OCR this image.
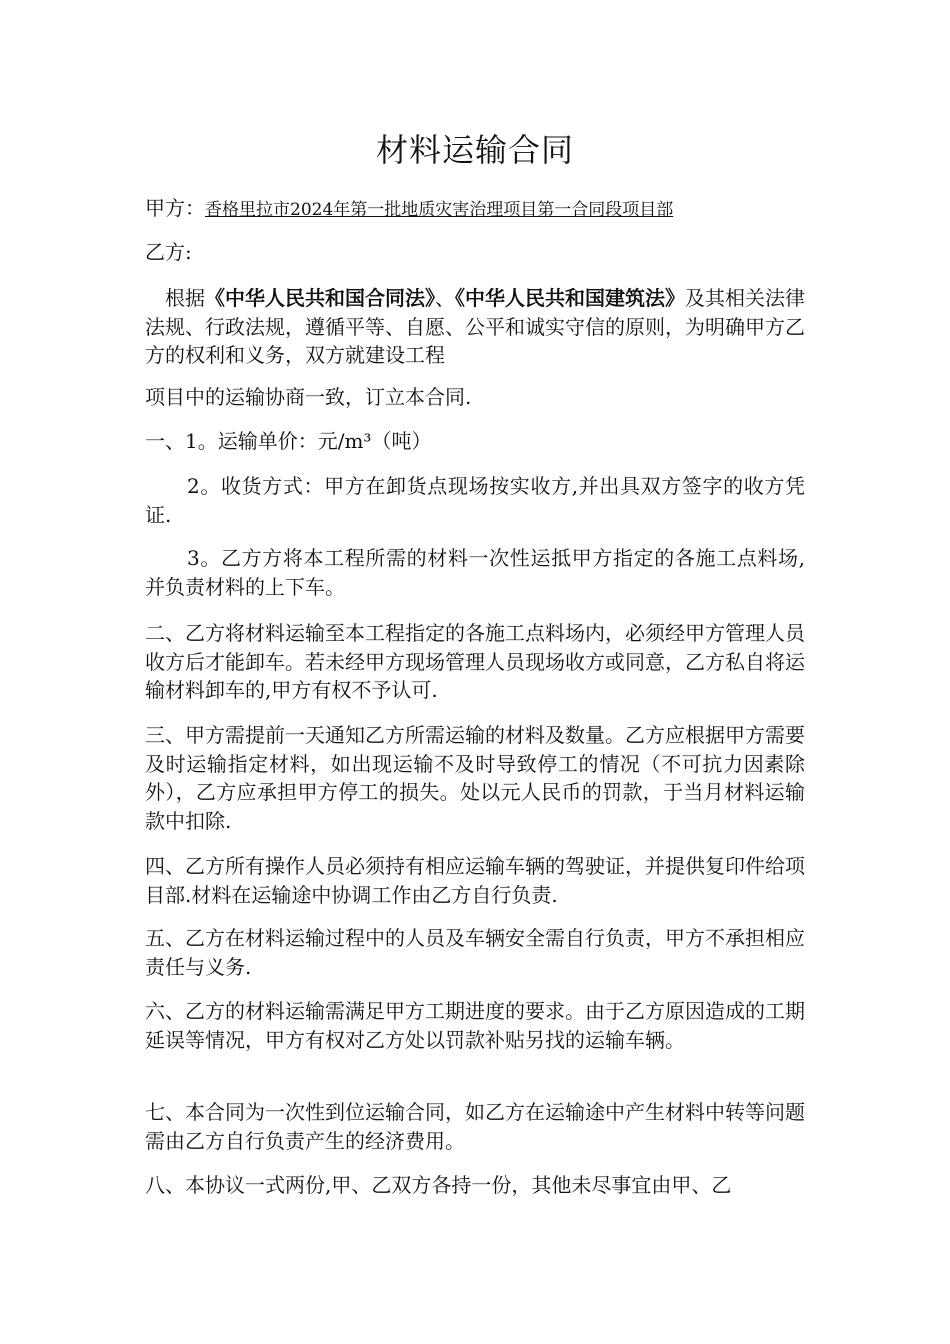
材料运输合同

甲方：香格里拉市2024年第一批地质灾害治理项目第一合同段项目部

乙方:

根据《中华人民共和国合同法》、《中华人民共和国建筑法》及其相关法律法规、行政法规，遵循平等、自愿、公平和诚实守信的原则，为明确甲方乙方的权利和义务，双方就建设工程

项目中的运输协商一致，订立本合同.

一、1。运输单价：元/m³（吨）

2。收货方式：甲方在卸货点现场按实收方,并出具双方签字的收方凭证.

3。乙方方将本工程所需的材料一次性运抵甲方指定的各施工点料场,并负责材料的上下车。

二、乙方将材料运输至本工程指定的各施工点料场内，必须经甲方管理人员收方后才能卸车。若未经甲方现场管理人员现场收方或同意，乙方私自将运输材料卸车的,甲方有权不予认可.

三、甲方需提前一天通知乙方所需运输的材料及数量。乙方应根据甲方需要及时运输指定材料，如出现运输不及时导致停工的情况（不可抗力因素除外），乙方应承担甲方停工的损失。处以元人民币的罚款，于当月材料运输款中扣除.

四、乙方所有操作人员必须持有相应运输车辆的驾驶证，并提供复印件给项目部.材料在运输途中协调工作由乙方自行负责.

五、乙方在材料运输过程中的人员及车辆安全需自行负责，甲方不承担相应责任与义务.

六、乙方的材料运输需满足甲方工期进度的要求。由于乙方原因造成的工期延误等情况，甲方有权对乙方处以罚款补贴另找的运输车辆。

七、本合同为一次性到位运输合同，如乙方在运输途中产生材料中转等问题需由乙方自行负责产生的经济费用。

八、本协议一式两份,甲、乙双方各持一份，其他未尽事宜由甲、乙
